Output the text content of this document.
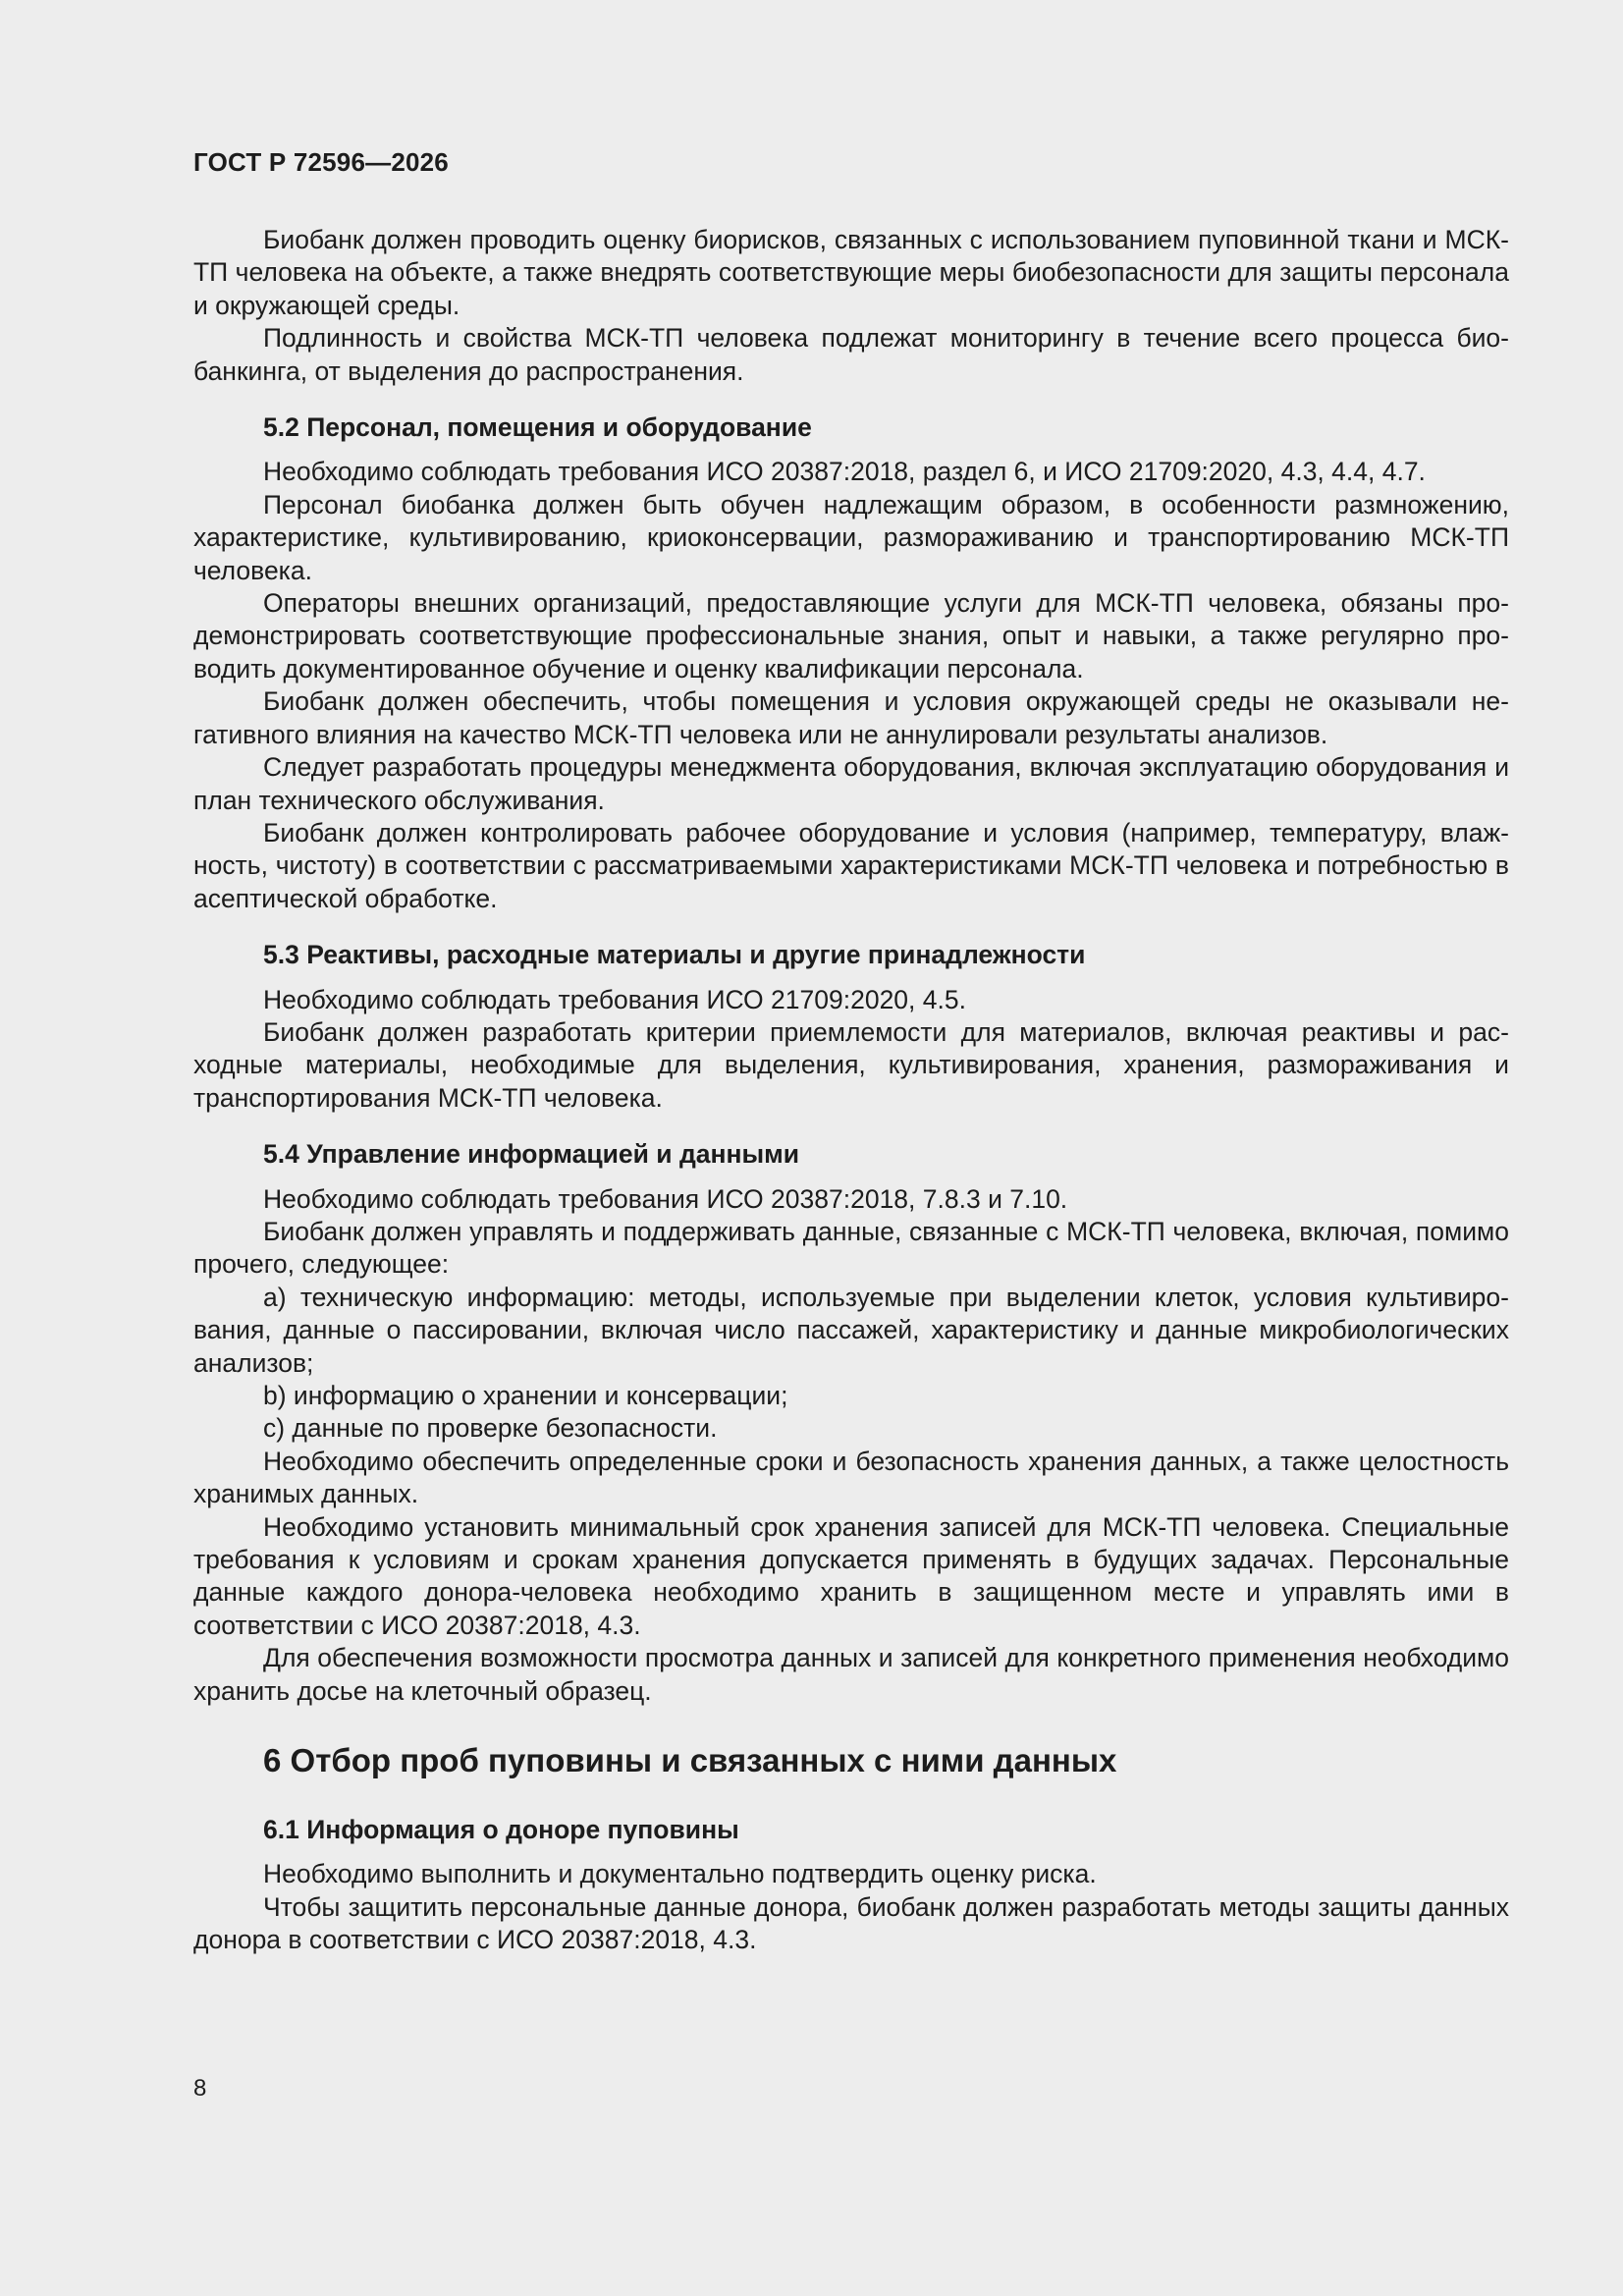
ГОСТ Р 72596—2026

Биобанк должен проводить оценку биорисков, связанных с использованием пуповинной ткани и МСК-ТП человека на объекте, а также внедрять соответствующие меры биобезопасности для защиты персонала и окружающей среды.

Подлинность и свойства МСК-ТП человека подлежат мониторингу в течение всего процесса биобанкинга, от выделения до распространения.

5.2 Персонал, помещения и оборудование

Необходимо соблюдать требования ИСО 20387:2018, раздел 6, и ИСО 21709:2020, 4.3, 4.4, 4.7.

Персонал биобанка должен быть обучен надлежащим образом, в особенности размножению, характеристике, культивированию, криоконсервации, размораживанию и транспортированию МСК-ТП человека.

Операторы внешних организаций, предоставляющие услуги для МСК-ТП человека, обязаны продемонстрировать соответствующие профессиональные знания, опыт и навыки, а также регулярно проводить документированное обучение и оценку квалификации персонала.

Биобанк должен обеспечить, чтобы помещения и условия окружающей среды не оказывали негативного влияния на качество МСК-ТП человека или не аннулировали результаты анализов.

Следует разработать процедуры менеджмента оборудования, включая эксплуатацию оборудования и план технического обслуживания.

Биобанк должен контролировать рабочее оборудование и условия (например, температуру, влажность, чистоту) в соответствии с рассматриваемыми характеристиками МСК-ТП человека и потребностью в асептической обработке.

5.3 Реактивы, расходные материалы и другие принадлежности

Необходимо соблюдать требования ИСО 21709:2020, 4.5.

Биобанк должен разработать критерии приемлемости для материалов, включая реактивы и расходные материалы, необходимые для выделения, культивирования, хранения, размораживания и транспортирования МСК-ТП человека.

5.4 Управление информацией и данными

Необходимо соблюдать требования ИСО 20387:2018, 7.8.3 и 7.10.

Биобанк должен управлять и поддерживать данные, связанные с МСК-ТП человека, включая, помимо прочего, следующее:

a) техническую информацию: методы, используемые при выделении клеток, условия культивирования, данные о пассировании, включая число пассажей, характеристику и данные микробиологических анализов;

b) информацию о хранении и консервации;

c) данные по проверке безопасности.

Необходимо обеспечить определенные сроки и безопасность хранения данных, а также целостность хранимых данных.

Необходимо установить минимальный срок хранения записей для МСК-ТП человека. Специальные требования к условиям и срокам хранения допускается применять в будущих задачах. Персональные данные каждого донора-человека необходимо хранить в защищенном месте и управлять ими в соответствии с ИСО 20387:2018, 4.3.

Для обеспечения возможности просмотра данных и записей для конкретного применения необходимо хранить досье на клеточный образец.

6 Отбор проб пуповины и связанных с ними данных
6.1 Информация о доноре пуповины

Необходимо выполнить и документально подтвердить оценку риска.

Чтобы защитить персональные данные донора, биобанк должен разработать методы защиты данных донора в соответствии с ИСО 20387:2018, 4.3.

8
